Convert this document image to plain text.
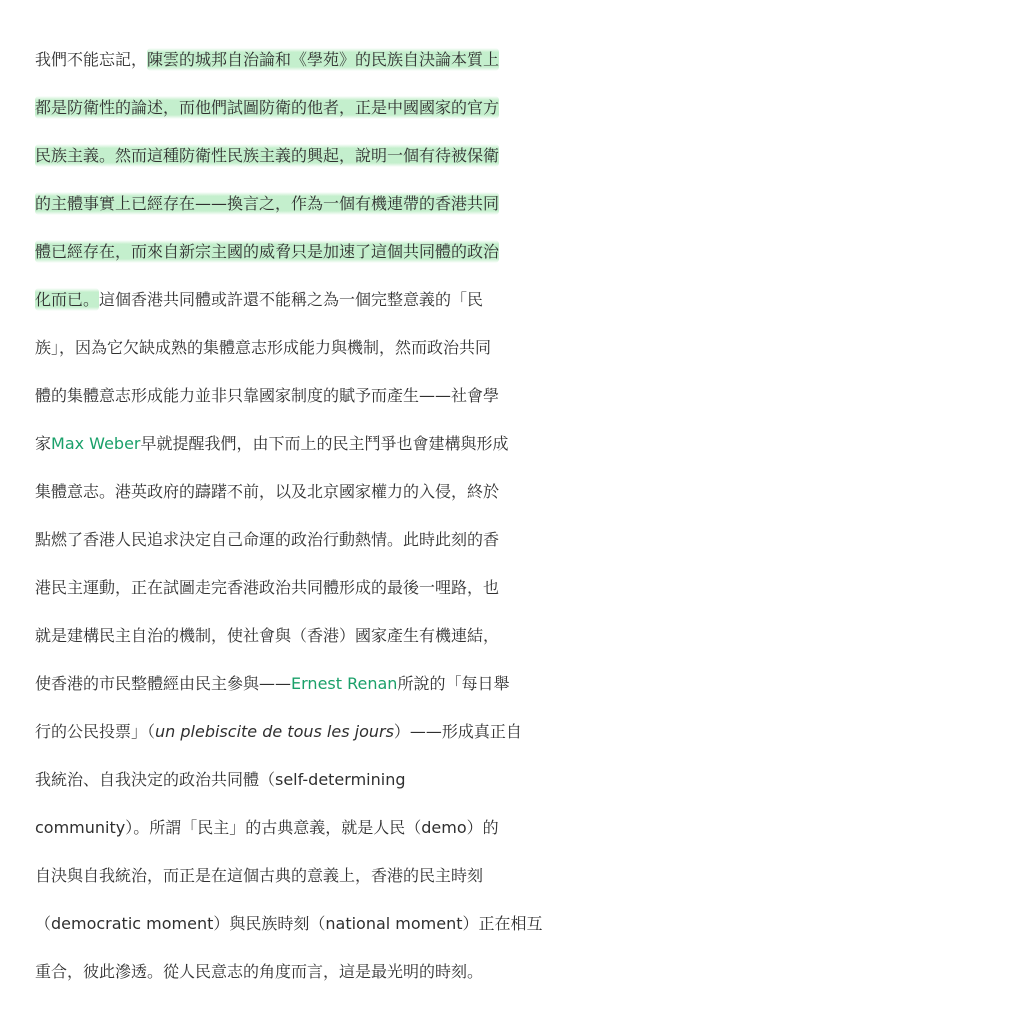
我們不能忘記，陳雲的城邦自治論和《學苑》的民族自決論本質上
都是防衛性的論述，而他們試圖防衛的他者，正是中國國家的官方
民族主義。然而這種防衛性民族主義的興起，說明一個有待被保衛
的主體事實上已經存在——換言之，作為一個有機連帶的香港共同
體已經存在，而來自新宗主國的威脅只是加速了這個共同體的政治
化而已。這個香港共同體或許還不能稱之為一個完整意義的「民
族」，因為它欠缺成熟的集體意志形成能力與機制，然而政治共同
體的集體意志形成能力並非只靠國家制度的賦予而產生——社會學
家Max Weber早就提醒我們，由下而上的民主鬥爭也會建構與形成
集體意志。港英政府的躊躇不前，以及北京國家權力的入侵，終於
點燃了香港人民追求決定自己命運的政治行動熱情。此時此刻的香
港民主運動，正在試圖走完香港政治共同體形成的最後一哩路，也
就是建構民主自治的機制，使社會與（香港）國家產生有機連結，
使香港的市民整體經由民主參與——Ernest Renan所說的「每日舉
行的公民投票」（un plebiscite de tous les jours）——形成真正自
我統治、自我決定的政治共同體（self-determining
community）。所謂「民主」的古典意義，就是人民（demo）的
自決與自我統治，而正是在這個古典的意義上，香港的民主時刻
（democratic moment）與民族時刻（national moment）正在相互
重合，彼此滲透。從人民意志的角度而言，這是最光明的時刻。
